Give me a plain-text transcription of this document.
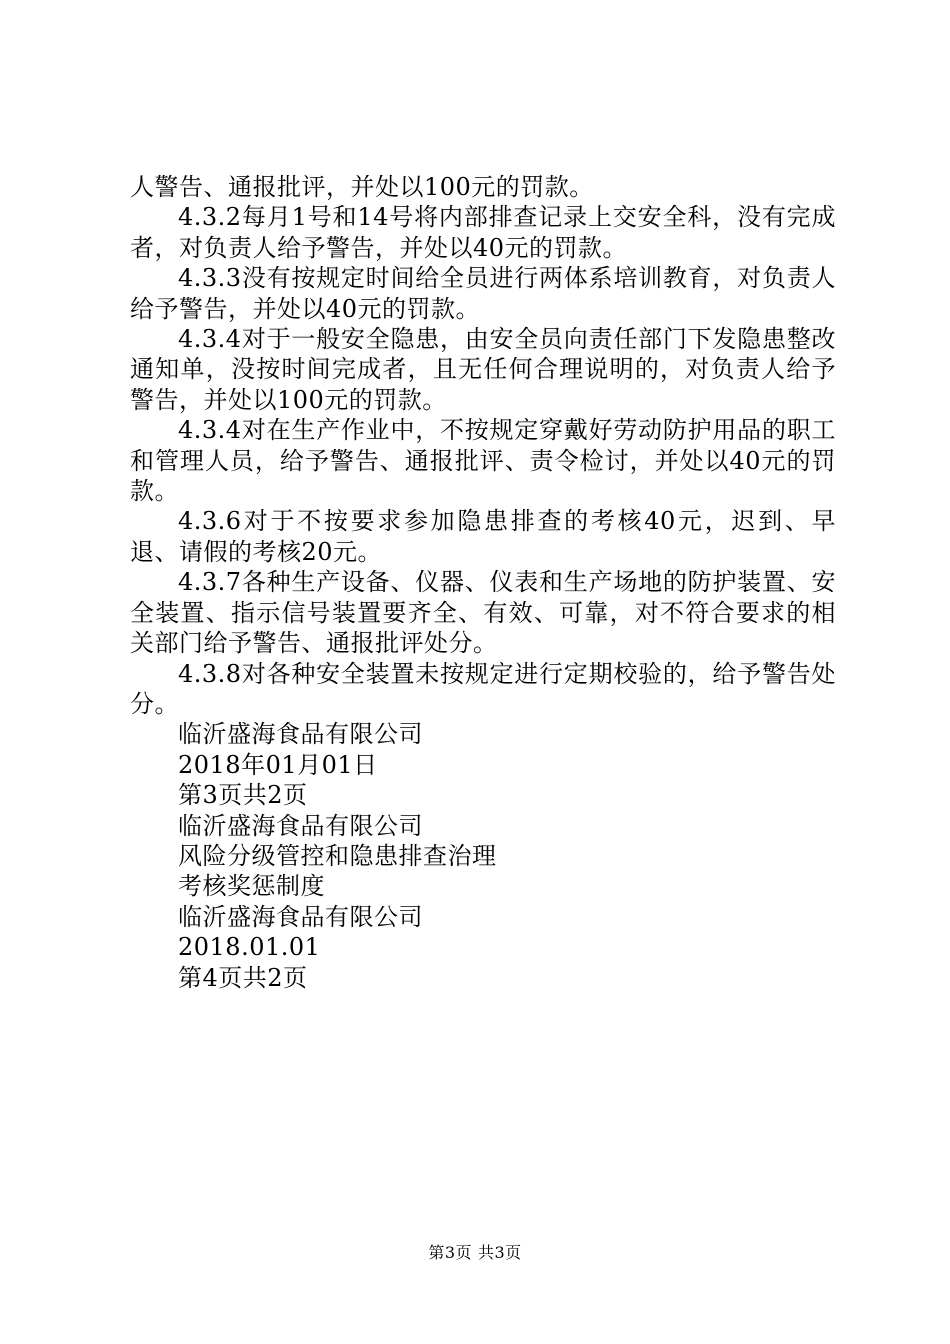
人警告、通报批评，并处以100元的罚款。

4.3.2每月1号和14号将内部排查记录上交安全科，没有完成者，对负责人给予警告，并处以40元的罚款。

4.3.3没有按规定时间给全员进行两体系培训教育，对负责人给予警告，并处以40元的罚款。

4.3.4对于一般安全隐患，由安全员向责任部门下发隐患整改通知单，没按时间完成者，且无任何合理说明的，对负责人给予警告，并处以100元的罚款。

4.3.4对在生产作业中，不按规定穿戴好劳动防护用品的职工和管理人员，给予警告、通报批评、责令检讨，并处以40元的罚款。

4.3.6对于不按要求参加隐患排查的考核40元，迟到、早退、请假的考核20元。

4.3.7各种生产设备、仪器、仪表和生产场地的防护装置、安全装置、指示信号装置要齐全、有效、可靠，对不符合要求的相关部门给予警告、通报批评处分。

4.3.8对各种安全装置未按规定进行定期校验的，给予警告处分。

临沂盛海食品有限公司

2018年01月01日

第3页共2页

临沂盛海食品有限公司

风险分级管控和隐患排查治理

考核奖惩制度

临沂盛海食品有限公司

2018.01.01

第4页共2页

第3页 共3页
